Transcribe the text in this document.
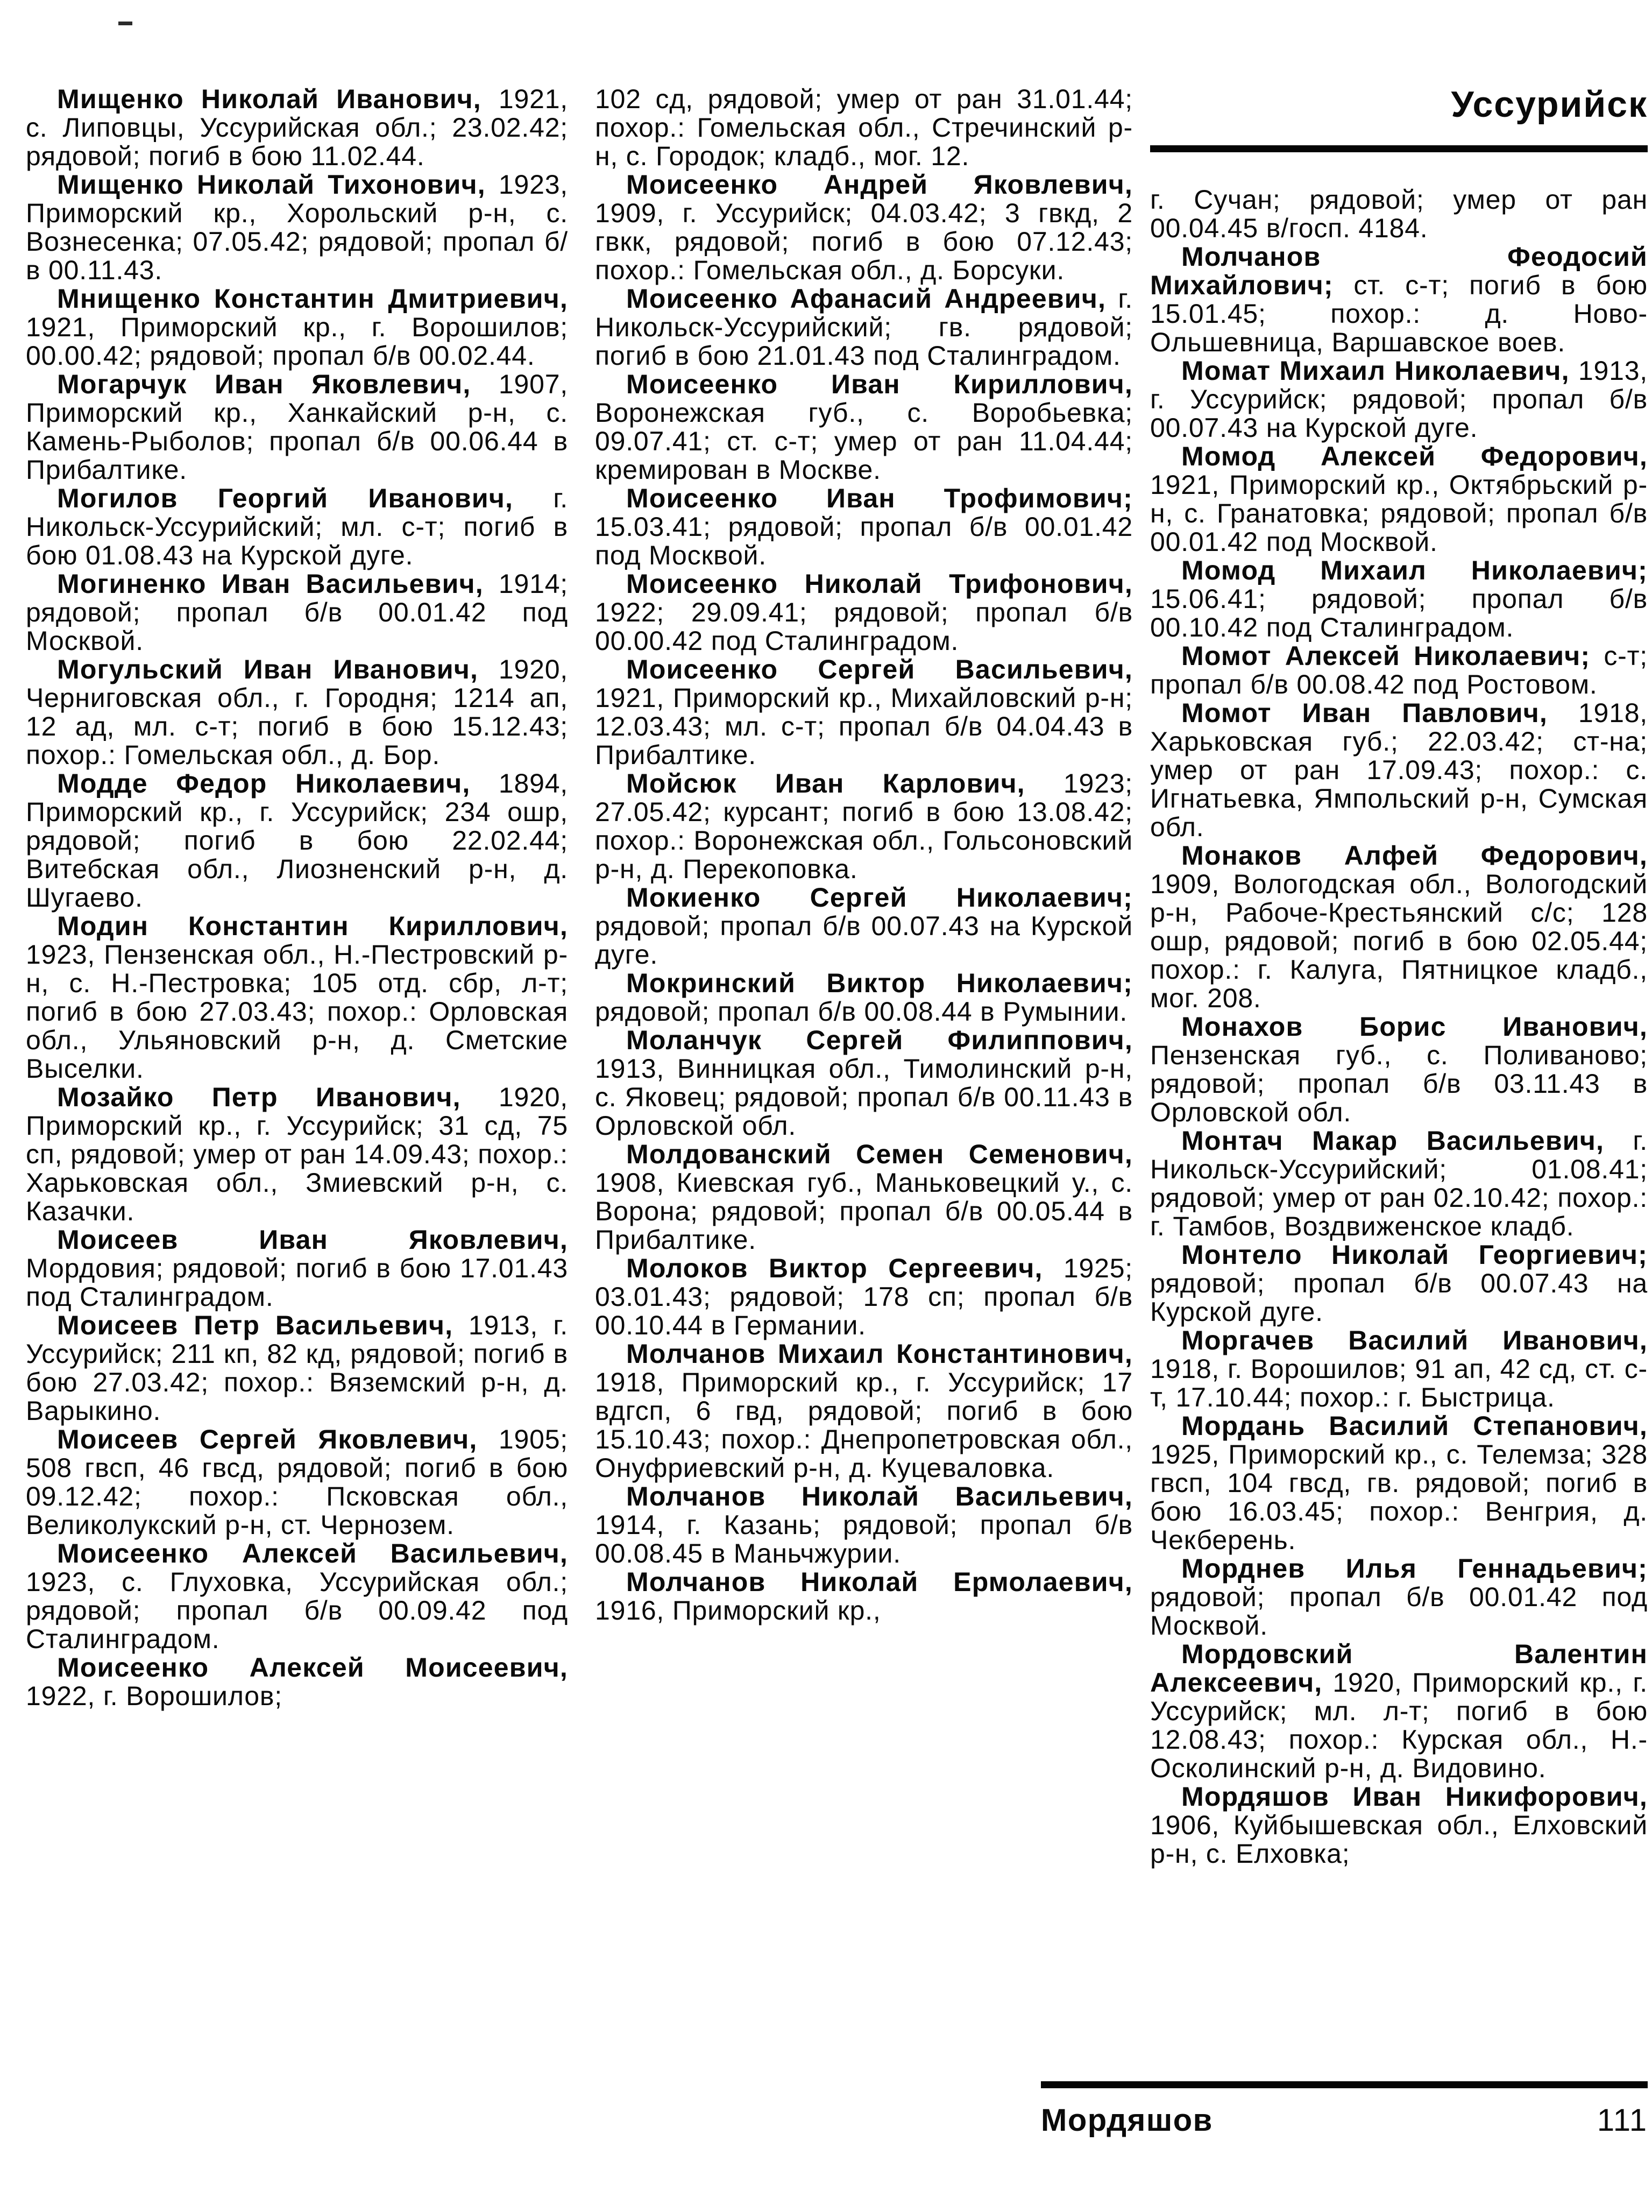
Мищенко Николай Иванович, 1921, с. Липовцы, Уссурийская обл.; 23.02.42; рядовой; погиб в бою 11.02.44.

Мищенко Николай Тихонович, 1923, Приморский кр., Хорольский р-н, с. Вознесенка; 07.05.42; рядовой; пропал б/в 00.11.43.

Мнищенко Константин Дмитриевич, 1921, Приморский кр., г. Ворошилов; 00.00.42; рядовой; пропал б/в 00.02.44.

Могарчук Иван Яковлевич, 1907, Приморский кр., Ханкайский р-н, с. Камень-Рыболов; пропал б/в 00.06.44 в Прибалтике.

Могилов Георгий Иванович, г. Никольск-Уссурийский; мл. с-т; погиб в бою 01.08.43 на Курской дуге.

Могиненко Иван Васильевич, 1914; рядовой; пропал б/в 00.01.42 под Москвой.

Могульский Иван Иванович, 1920, Черниговская обл., г. Городня; 1214 ап, 12 ад, мл. с-т; погиб в бою 15.12.43; похор.: Гомельская обл., д. Бор.

Модде Федор Николаевич, 1894, Приморский кр., г. Уссурийск; 234 ошр, рядовой; погиб в бою 22.02.44; Витебская обл., Лиозненский р-н, д. Шугаево.

Модин Константин Кириллович, 1923, Пензенская обл., Н.-Пестровский р-н, с. Н.-Пестровка; 105 отд. сбр, л-т; погиб в бою 27.03.43; похор.: Орловская обл., Ульяновский р-н, д. Сметские Выселки.

Мозайко Петр Иванович, 1920, Приморский кр., г. Уссурийск; 31 сд, 75 сп, рядовой; умер от ран 14.09.43; похор.: Харьковская обл., Змиевский р-н, с. Казачки.

Моисеев Иван Яковлевич, Мордовия; рядовой; погиб в бою 17.01.43 под Сталинградом.

Моисеев Петр Васильевич, 1913, г. Уссурийск; 211 кп, 82 кд, рядовой; погиб в бою 27.03.42; похор.: Вяземский р-н, д. Варыкино.

Моисеев Сергей Яковлевич, 1905; 508 гвсп, 46 гвсд, рядовой; погиб в бою 09.12.42; похор.: Псковская обл., Великолукский р-н, ст. Чернозем.

Моисеенко Алексей Васильевич, 1923, с. Глуховка, Уссурийская обл.; рядовой; пропал б/в 00.09.42 под Сталинградом.

Моисеенко Алексей Моисеевич, 1922, г. Ворошилов;

102 сд, рядовой; умер от ран 31.01.44; похор.: Гомельская обл., Стречинский р-н, с. Городок; кладб., мог. 12.

Моисеенко Андрей Яковлевич, 1909, г. Уссурийск; 04.03.42; 3 гвкд, 2 гвкк, рядовой; погиб в бою 07.12.43; похор.: Гомельская обл., д. Борсуки.

Моисеенко Афанасий Андреевич, г. Никольск-Уссурийский; гв. рядовой; погиб в бою 21.01.43 под Сталинградом.

Моисеенко Иван Кириллович, Воронежская губ., с. Воробьевка; 09.07.41; ст. с-т; умер от ран 11.04.44; кремирован в Москве.

Моисеенко Иван Трофимович; 15.03.41; рядовой; пропал б/в 00.01.42 под Москвой.

Моисеенко Николай Трифонович, 1922; 29.09.41; рядовой; пропал б/в 00.00.42 под Сталинградом.

Моисеенко Сергей Васильевич, 1921, Приморский кр., Михайловский р-н; 12.03.43; мл. с-т; пропал б/в 04.04.43 в Прибалтике.

Мойсюк Иван Карлович, 1923; 27.05.42; курсант; погиб в бою 13.08.42; похор.: Воронежская обл., Гольсоновский р-н, д. Перекоповка.

Мокиенко Сергей Николаевич; рядовой; пропал б/в 00.07.43 на Курской дуге.

Мокринский Виктор Николаевич; рядовой; пропал б/в 00.08.44 в Румынии.

Моланчук Сергей Филиппович, 1913, Винницкая обл., Тимолинский р-н, с. Яковец; рядовой; пропал б/в 00.11.43 в Орловской обл.

Молдованский Семен Семенович, 1908, Киевская губ., Маньковецкий у., с. Ворона; рядовой; пропал б/в 00.05.44 в Прибалтике.

Молоков Виктор Сергеевич, 1925; 03.01.43; рядовой; 178 сп; пропал б/в 00.10.44 в Германии.

Молчанов Михаил Константинович, 1918, Приморский кр., г. Уссурийск; 17 вдгсп, 6 гвд, рядовой; погиб в бою 15.10.43; похор.: Днепропетровская обл., Онуфриевский р-н, д. Куцеваловка.

Молчанов Николай Васильевич, 1914, г. Казань; рядовой; пропал б/в 00.08.45 в Маньчжурии.

Молчанов Николай Ермолаевич, 1916, Приморский кр.,

Уссурийск

г. Сучан; рядовой; умер от ран 00.04.45 в/госп. 4184.

Молчанов Феодосий Михайлович; ст. с-т; погиб в бою 15.01.45; похор.: д. Ново-Ольшевница, Варшавское воев.

Момат Михаил Николаевич, 1913, г. Уссурийск; рядовой; пропал б/в 00.07.43 на Курской дуге.

Момод Алексей Федорович, 1921, Приморский кр., Октябрьский р-н, с. Гранатовка; рядовой; пропал б/в 00.01.42 под Москвой.

Момод Михаил Николаевич; 15.06.41; рядовой; пропал б/в 00.10.42 под Сталинградом.

Момот Алексей Николаевич; с-т; пропал б/в 00.08.42 под Ростовом.

Момот Иван Павлович, 1918, Харьковская губ.; 22.03.42; ст-на; умер от ран 17.09.43; похор.: с. Игнатьевка, Ямпольский р-н, Сумская обл.

Монаков Алфей Федорович, 1909, Вологодская обл., Вологодский р-н, Рабоче-Крестьянский с/с; 128 ошр, рядовой; погиб в бою 02.05.44; похор.: г. Калуга, Пятницкое кладб., мог. 208.

Монахов Борис Иванович, Пензенская губ., с. Поливаново; рядовой; пропал б/в 03.11.43 в Орловской обл.

Монтач Макар Васильевич, г. Никольск-Уссурийский; 01.08.41; рядовой; умер от ран 02.10.42; похор.: г. Тамбов, Воздвиженское кладб.

Монтело Николай Георгиевич; рядовой; пропал б/в 00.07.43 на Курской дуге.

Моргачев Василий Иванович, 1918, г. Ворошилов; 91 ап, 42 сд, ст. с-т, 17.10.44; похор.: г. Быстрица.

Мордань Василий Степанович, 1925, Приморский кр., с. Телемза; 328 гвсп, 104 гвсд, гв. рядовой; погиб в бою 16.03.45; похор.: Венгрия, д. Чекберень.

Морднев Илья Геннадьевич; рядовой; пропал б/в 00.01.42 под Москвой.

Мордовский Валентин Алексеевич, 1920, Приморский кр., г. Уссурийск; мл. л-т; погиб в бою 12.08.43; похор.: Курская обл., Н.-Осколинский р-н, д. Видовино.

Мордяшов Иван Никифорович, 1906, Куйбышевская обл., Елховский р-н, с. Елховка;

Мордяшов	111
